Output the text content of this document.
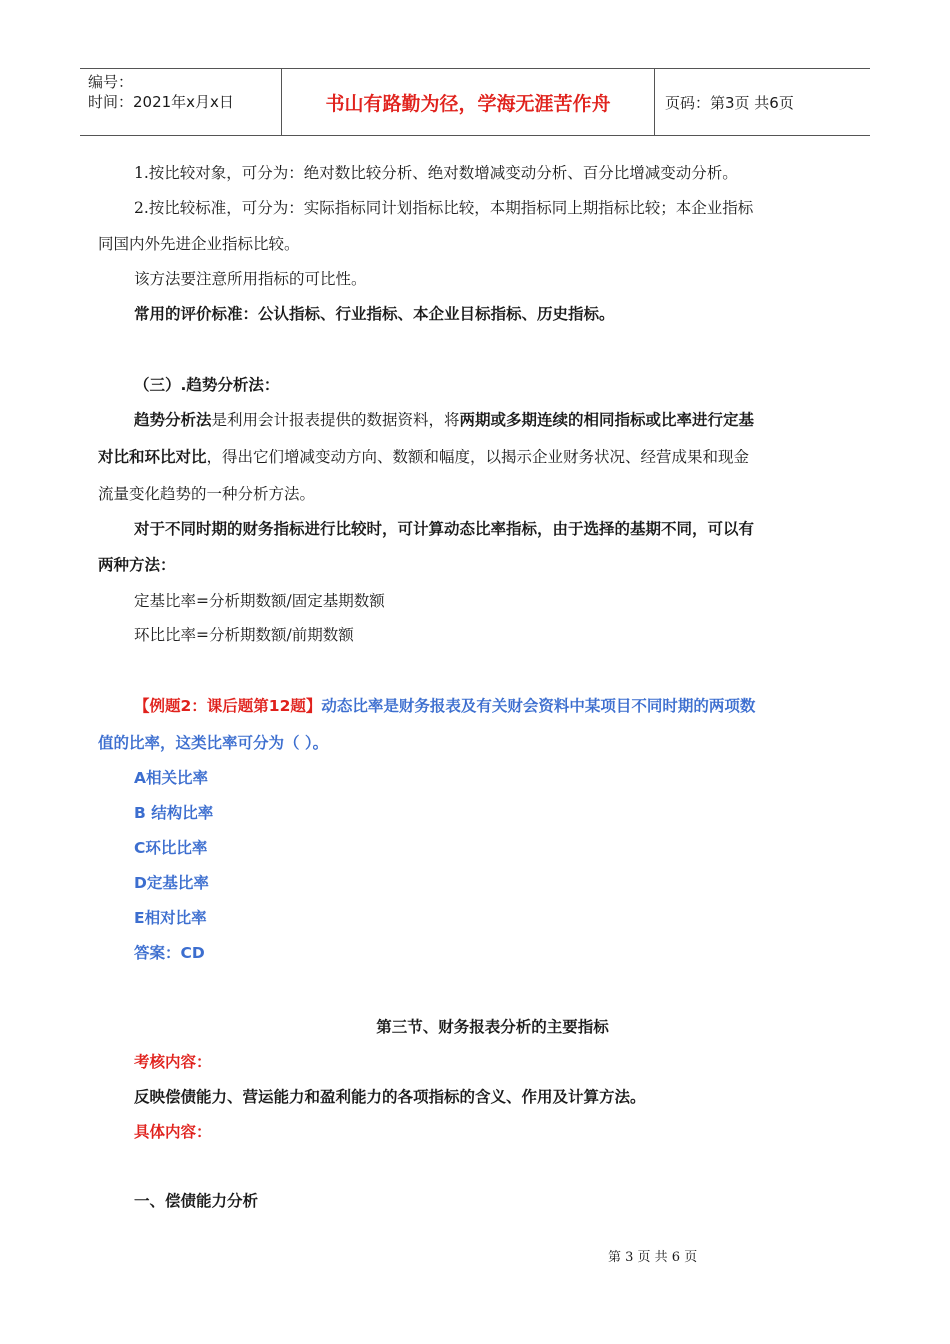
编号：
时间：2021年x月x日	书山有路勤为径，学海无涯苦作舟	页码：第3页 共6页
1.按比较对象，可分为：绝对数比较分析、绝对数增减变动分析、百分比增减变动分析。
2.按比较标准，可分为：实际指标同计划指标比较，本期指标同上期指标比较；本企业指标
同国内外先进企业指标比较。
该方法要注意所用指标的可比性。
常用的评价标准：公认指标、行业指标、本企业目标指标、历史指标。
（三）.趋势分析法：
趋势分析法是利用会计报表提供的数据资料，将两期或多期连续的相同指标或比率进行定基
对比和环比对比，得出它们增减变动方向、数额和幅度，以揭示企业财务状况、经营成果和现金
流量变化趋势的一种分析方法。
对于不同时期的财务指标进行比较时，可计算动态比率指标，由于选择的基期不同，可以有
两种方法：
定基比率=分析期数额/固定基期数额
环比比率=分析期数额/前期数额
【例题2：课后题第12题】动态比率是财务报表及有关财会资料中某项目不同时期的两项数
值的比率，这类比率可分为（ ）。
A相关比率
B 结构比率
C环比比率
D定基比率
E相对比率
答案：CD
第三节、财务报表分析的主要指标
考核内容：
反映偿债能力、营运能力和盈利能力的各项指标的含义、作用及计算方法。
具体内容：
一、偿债能力分析
第 3 页 共 6 页
